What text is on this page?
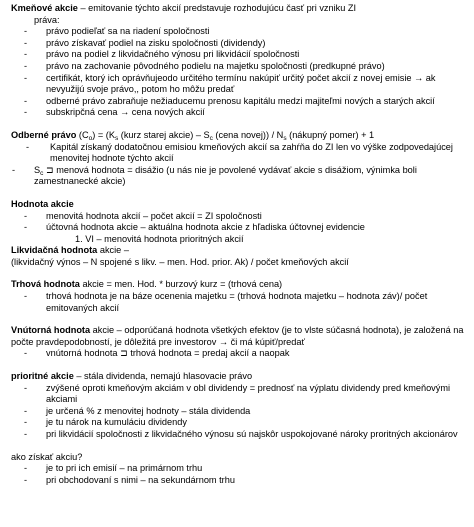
Kmeňové akcie – emitovanie týchto akcií predstavuje rozhodujúcu časť pri vzniku ZI
práva:
- právo podieľať sa na riadení spoločnosti
- právo získavať podiel na zisku spoločnosti (dividendy)
- právo na podiel z likvidačného výnosu pri likvidácií spoločnosti
- právo na zachovanie pôvodného podielu na majetku spoločnosti (predkupné právo)
- certifikát, ktorý ich oprávňujeodo určitého termínu nakúpiť určitý počet akcií z novej emisie → ak nevyužijú svoje právo,, potom ho môžu predať
- odberné právo zabraňuje nežiaducemu prenosu kapitálu medzi majiteľmi nových a starých akcií
- subskripčná cena → cena nových akcií
Odberné právo $(C_o) = (K_s$ (kurz starej akcie) – $S_c$ (cena novej)) / $N_s$ (nákupný pomer) + 1
- Kapitál získaný dodatočnou emisiou kmeňových akcií sa zahŕňa do ZI len vo výške zodpovedajúcej menovitej hodnote týchto akcií
- $S_c$ ⊐ menová hodnota = disážio (u nás nie je povolené vydávať akcie s disážiom, výnimka boli zamestnanecké akcie)
Hodnota akcie
- menovitá hodnota akcií – počet akcií = ZI spoločnosti
- účtovná hodnota akcie – aktuálna hodnota akcie z hľadiska účtovnej evidencie
1. VI – menovitá hodnota prioritných akcií
Likvidačná hodnota akcie –
(likvidačný výnos – N spojené s likv. – men. Hod. prior. Ak) / počet kmeňových akcií
Trhová hodnota akcie = men. Hod. * burzový kurz = (trhová cena)
- trhová hodnota je na báze ocenenia majetku = (trhová hodnota majetku – hodnota záv)/ počet emitovaných akcií
Vnútorná hodnota akcie – odporúčaná hodnota všetkých efektov (je to vlste súčasná hodnota), je založená na počte pravdepodobností, je dôležitá pre investorov → či má kúpiť/predať
- vnútorná hodnota ⊐ trhová hodnota = predaj akcií a naopak
prioritné akcie – stála dividenda, nemajú hlasovacie právo
- zvýšené oproti kmeňovým akciám v obl dividendy = prednosť na výplatu dividendy pred kmeňovými akciami
- je určená % z menovitej hodnoty – stála dividenda
- je tu nárok na kumuláciu dividendy
- pri likvidácií spoločnosti z likvidačného výnosu sú najskôr uspokojované nároky proritných akcionárov
ako získať akciu?
- je to pri ich emisií – na primárnom trhu
- pri obchodovaní s nimi – na sekundárnom trhu
